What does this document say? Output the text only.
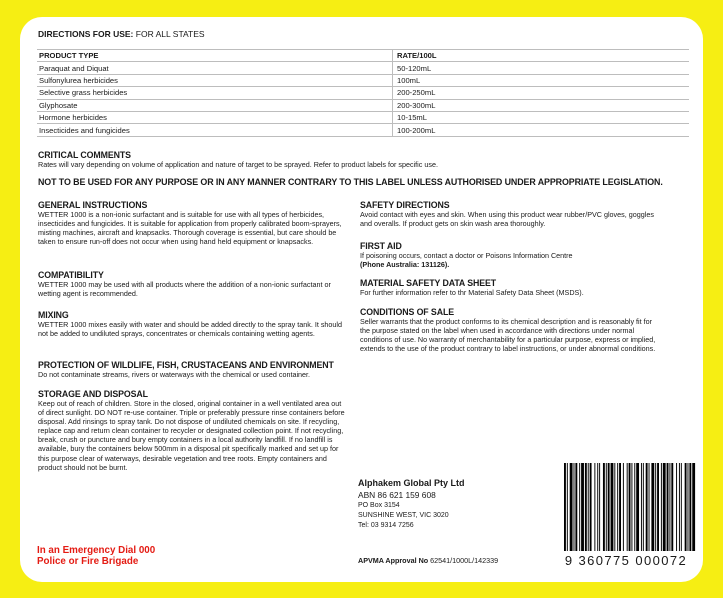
DIRECTIONS FOR USE: FOR ALL STATES
PRODUCT TYPE	RATE/100L
Paraquat and Diquat	50-120mL
Sulfonylurea herbicides	100mL
Selective grass herbicides	200-250mL
Glyphosate	200-300mL
Hormone herbicides	10-15mL
Insecticides and fungicides	100-200mL
CRITICAL COMMENTS
Rates will vary depending on volume of application and nature of target to be sprayed. Refer to product labels for specific use.
NOT TO BE USED FOR ANY PURPOSE OR IN ANY MANNER CONTRARY TO THIS LABEL UNLESS AUTHORISED UNDER APPROPRIATE LEGISLATION.
GENERAL INSTRUCTIONS
WETTER 1000 is a non-ionic surfactant and is suitable for use with all types of herbicides, insecticides and fungicides. It is suitable for application from properly calibrated boom-sprayers, misting machines, aircraft and knapsacks. Thorough coverage is essential, but care should be taken to ensure run-off does not occur when using hand held equipment or knapsacks.
COMPATIBILITY
WETTER 1000 may be used with all products where the addition of a non-ionic surfactant or wetting agent is recommended.
MIXING
WETTER 1000 mixes easily with water and should be added directly to the spray tank. It should not be added to undiluted sprays, concentrates or chemicals containing wetting agents.
PROTECTION OF WILDLIFE, FISH, CRUSTACEANS AND ENVIRONMENT
Do not contaminate streams, rivers or waterways with the chemical or used container.
STORAGE AND DISPOSAL
Keep out of reach of children. Store in the closed, original container in a well ventilated area out of direct sunlight. DO NOT re-use container. Triple or preferably pressure rinse containers before disposal. Add rinsings to spray tank. Do not dispose of undiluted chemicals on site. If recycling, replace cap and return clean container to recycler or designated collection point. If not recycling, break, crush or puncture and bury empty containers in a local authority landfill. If no landfill is available, bury the containers below 500mm in a disposal pit specifically marked and set up for this purpose clear of waterways, desirable vegetation and tree roots. Empty containers and product should not be burnt.
SAFETY DIRECTIONS
Avoid contact with eyes and skin. When using this product wear rubber/PVC gloves, goggles and overalls. If product gets on skin wash area thoroughly.
FIRST AID
If poisoning occurs, contact a doctor or Poisons Information Centre
(Phone Australia: 131126).
MATERIAL SAFETY DATA SHEET
For further information refer to thr Material Safety Data Sheet (MSDS).
CONDITIONS OF SALE
Seller warrants that the product conforms to its chemical description and is reasonably fit for the purpose stated on the label when used in accordance with directions under normal conditions of use. No warranty of merchantability for a particular purpose, express or implied, extends to the use of the product contrary to label instructions, or under abnormal conditions.
In an Emergency Dial 000
Police or Fire Brigade
Alphakem Global Pty Ltd
ABN 86 621 159 608
PO Box 3154
SUNSHINE WEST, VIC 3020
Tel: 03 9314 7256
APVMA Approval No 62541/1000L/142339	9 360775 000072
